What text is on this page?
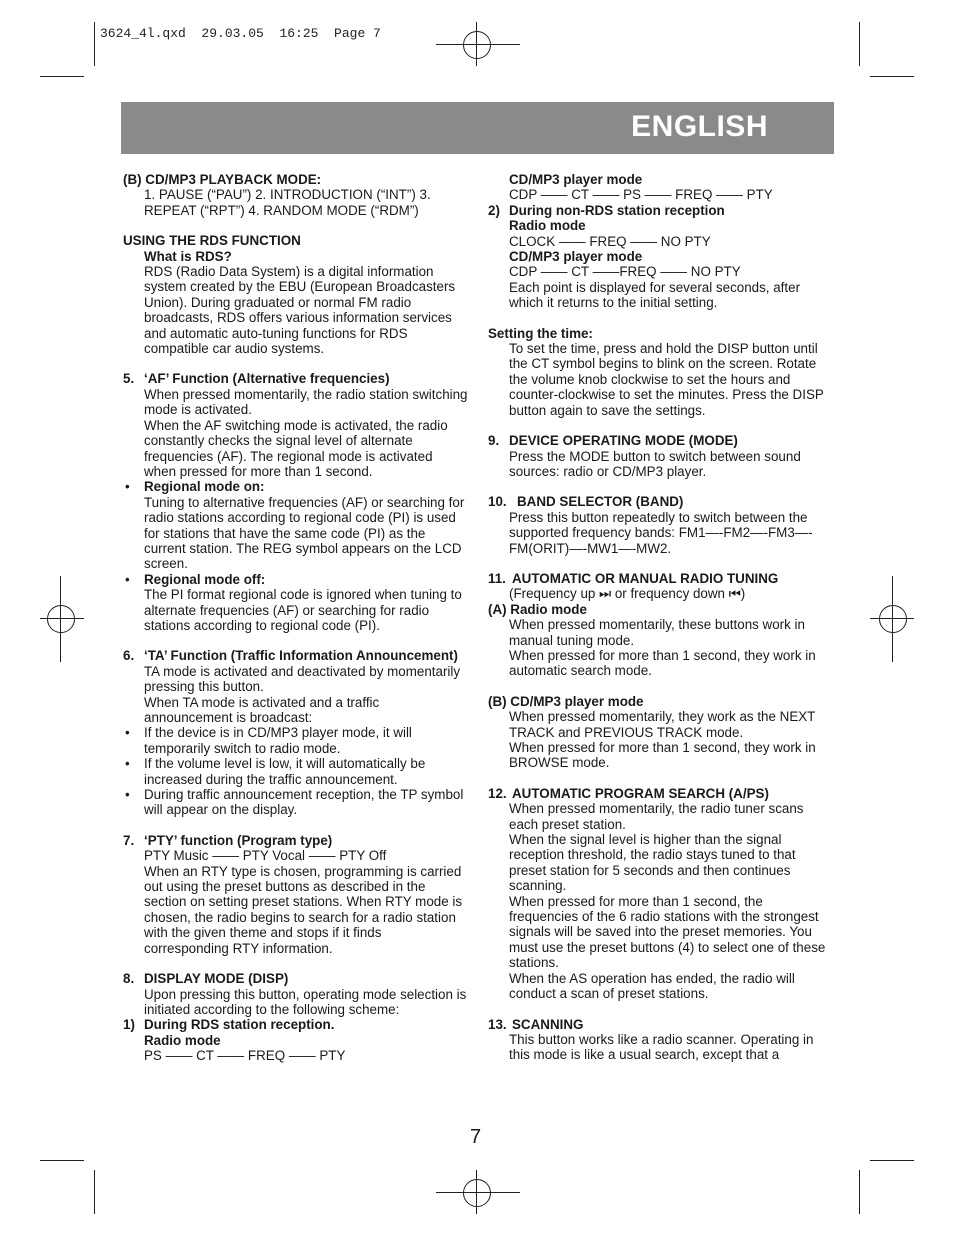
3624_4l.qxd  29.03.05  16:25  Page 7
ENGLISH

(B) CD/MP3 PLAYBACK MODE:

1. PAUSE (“PAU”) 2. INTRODUCTION (“INT”) 3. REPEAT (“RPT”) 4. RANDOM MODE (“RDM”)

USING THE RDS FUNCTION

What is RDS?

RDS (Radio Data System) is a digital information system created by the EBU (European Broadcasters Union). During graduated or normal FM radio broadcasts, RDS offers various information services and automatic auto-tuning functions for RDS compatible car audio systems.

5. ‘AF’ Function (Alternative frequencies)

When pressed momentarily, the radio station switching mode is activated.

When the AF switching mode is activated, the radio constantly checks the signal level of alternate frequencies (AF). The regional mode is activated when pressed for more than 1 second.

•	Regional mode on:

Tuning to alternative frequencies (AF) or searching for radio stations according to regional code (PI) is used for stations that have the same code (PI) as the current station. The REG symbol appears on the LCD screen.

•	Regional mode off:

The PI format regional code is ignored when tuning to alternate frequencies (AF) or searching for radio stations according to regional code (PI).

6. ‘TA’ Function (Traffic Information Announcement)

TA mode is activated and deactivated by momentarily pressing this button.

When TA mode is activated and a traffic announcement is broadcast:

•	If the device is in CD/MP3 player mode, it will temporarily switch to radio mode.
•	If the volume level is low, it will automatically be increased during the traffic announcement.
•	During traffic announcement reception, the TP symbol will appear on the display.
7. ‘PTY’ function (Program type)

PTY Music —— PTY Vocal —— PTY Off

When an RTY type is chosen, programming is carried out using the preset buttons as described in the section on setting preset stations. When RTY mode is chosen, the radio begins to search for a radio station with the given theme and stops if it finds corresponding RTY information.

8. DISPLAY MODE (DISP)

Upon pressing this button, operating mode selection is initiated according to the following scheme:

1) During RDS station reception.

Radio mode

PS —— CT —— FREQ —— PTY

CD/MP3 player mode

CDP —— CT —— PS —— FREQ —— PTY

2) During non-RDS station reception

Radio mode

CLOCK —— FREQ —— NO PTY

CD/MP3 player mode

CDP —— CT ——FREQ —— NO PTY

Each point is displayed for several seconds, after which it returns to the initial setting.

Setting the time:

To set the time, press and hold the DISP button until the CT symbol begins to blink on the screen. Rotate the volume knob clockwise to set the hours and counter-clockwise to set the minutes. Press the DISP button again to save the settings.

9. DEVICE OPERATING MODE (MODE)

Press the MODE button to switch between sound sources: radio or CD/MP3 player.

10. BAND SELECTOR (BAND)

Press this button repeatedly to switch between the supported frequency bands: FM1—-FM2—-FM3—-FM(ORIT)—-MW1—-MW2.

11. AUTOMATIC OR MANUAL RADIO TUNING

(Frequency up ⏭ or frequency down ⏮)

(A) Radio mode

When pressed momentarily, these buttons work in manual tuning mode.

When pressed for more than 1 second, they work in automatic search mode.

(B) CD/MP3 player mode

When pressed momentarily, they work as the NEXT TRACK and PREVIOUS TRACK mode.

When pressed for more than 1 second, they work in BROWSE mode.

12. AUTOMATIC PROGRAM SEARCH (A/PS)

When pressed momentarily, the radio tuner scans each preset station.

When the signal level is higher than the signal reception threshold, the radio stays tuned to that preset station for 5 seconds and then continues scanning.

When pressed for more than 1 second, the frequencies of the 6 radio stations with the strongest signals will be saved into the preset memories. You must use the preset buttons (4) to select one of these stations.

When the AS operation has ended, the radio will conduct a scan of preset stations.

13. SCANNING

This button works like a radio scanner. Operating in this mode is like a usual search, except that a

7
